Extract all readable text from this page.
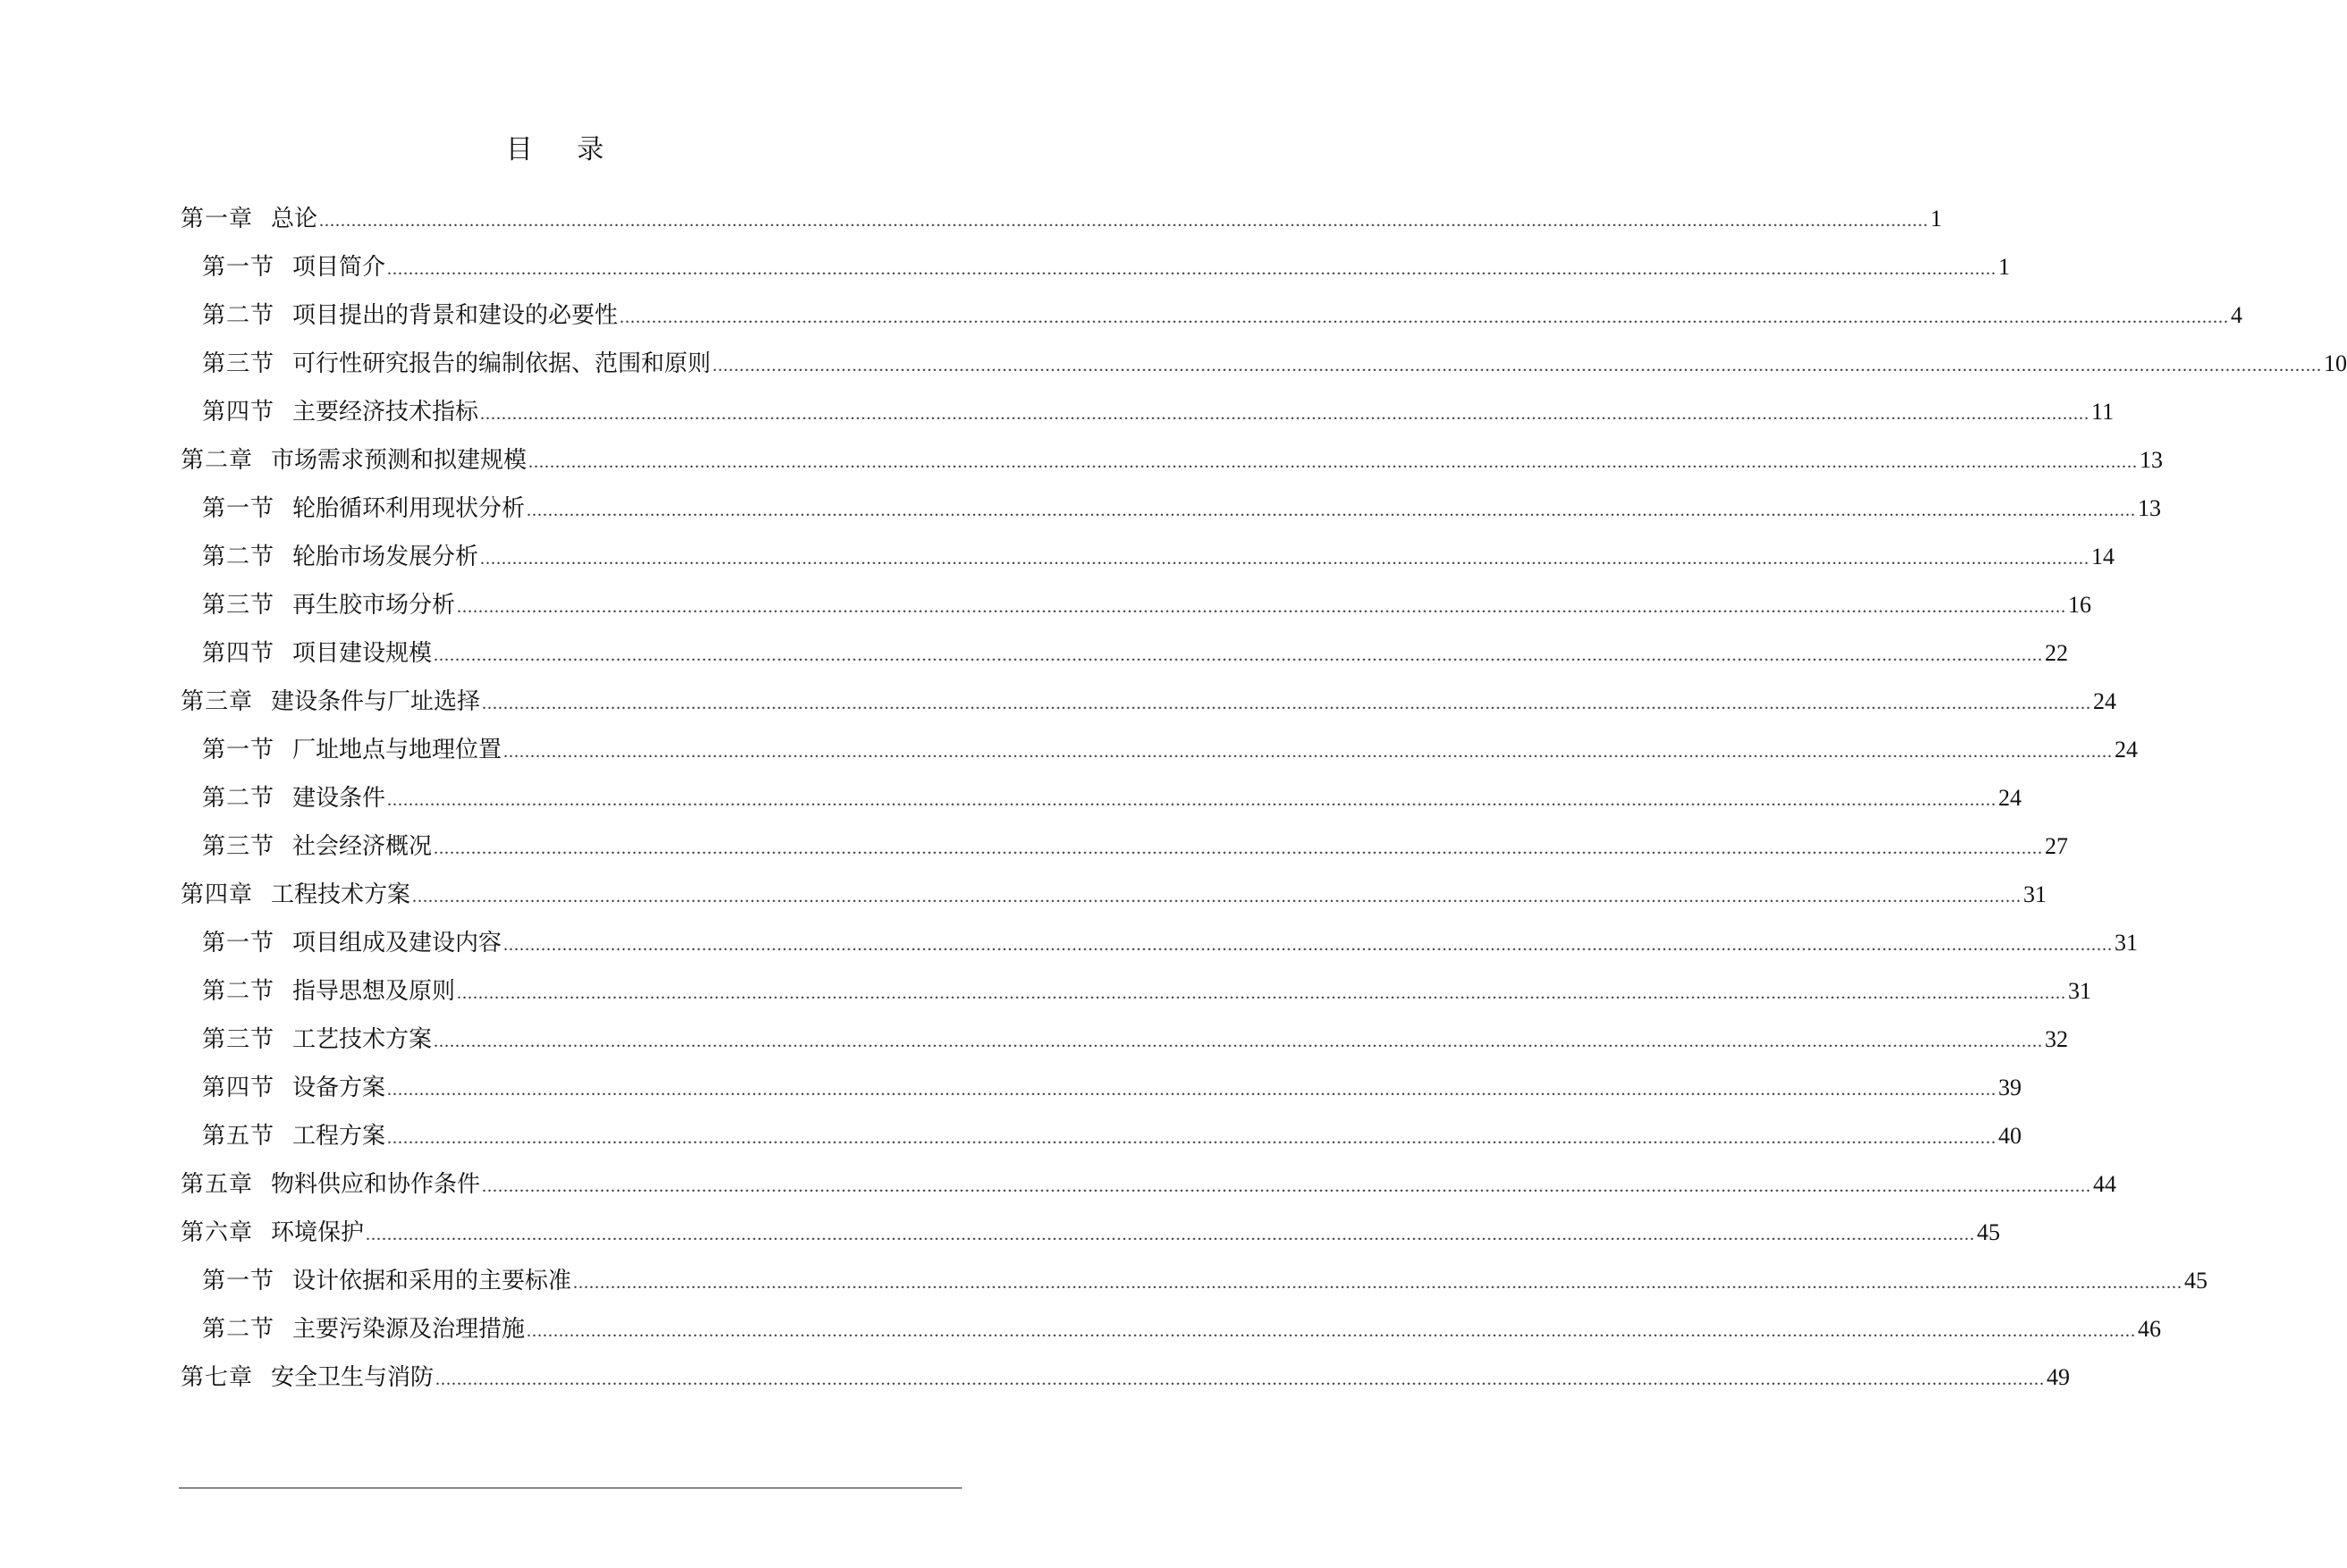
目 录
第一章 总论 ............................................................................................................................................................................................................................................................................................................ 1
第一节 项目简介 ............................................................................................................................................................................................................................................................................................................ 1
第二节 项目提出的背景和建设的必要性 ............................................................................................................................................................................................................................................................................................................ 4
第三节 可行性研究报告的编制依据、范围和原则 ............................................................................................................................................................................................................................................................................................................ 10
第四节 主要经济技术指标 ............................................................................................................................................................................................................................................................................................................ 11
第二章 市场需求预测和拟建规模 ............................................................................................................................................................................................................................................................................................................ 13
第一节 轮胎循环利用现状分析 ............................................................................................................................................................................................................................................................................................................ 13
第二节 轮胎市场发展分析 ............................................................................................................................................................................................................................................................................................................ 14
第三节 再生胶市场分析 ............................................................................................................................................................................................................................................................................................................ 16
第四节 项目建设规模 ............................................................................................................................................................................................................................................................................................................ 22
第三章 建设条件与厂址选择 ............................................................................................................................................................................................................................................................................................................ 24
第一节 厂址地点与地理位置 ............................................................................................................................................................................................................................................................................................................ 24
第二节 建设条件 ............................................................................................................................................................................................................................................................................................................ 24
第三节 社会经济概况 ............................................................................................................................................................................................................................................................................................................ 27
第四章 工程技术方案 ............................................................................................................................................................................................................................................................................................................ 31
第一节 项目组成及建设内容 ............................................................................................................................................................................................................................................................................................................ 31
第二节 指导思想及原则 ............................................................................................................................................................................................................................................................................................................ 31
第三节 工艺技术方案 ............................................................................................................................................................................................................................................................................................................ 32
第四节 设备方案 ............................................................................................................................................................................................................................................................................................................ 39
第五节 工程方案 ............................................................................................................................................................................................................................................................................................................ 40
第五章 物料供应和协作条件 ............................................................................................................................................................................................................................................................................................................ 44
第六章 环境保护 ............................................................................................................................................................................................................................................................................................................ 45
第一节 设计依据和采用的主要标准 ............................................................................................................................................................................................................................................................................................................ 45
第二节 主要污染源及治理措施 ............................................................................................................................................................................................................................................................................................................ 46
第七章 安全卫生与消防 ............................................................................................................................................................................................................................................................................................................ 49
